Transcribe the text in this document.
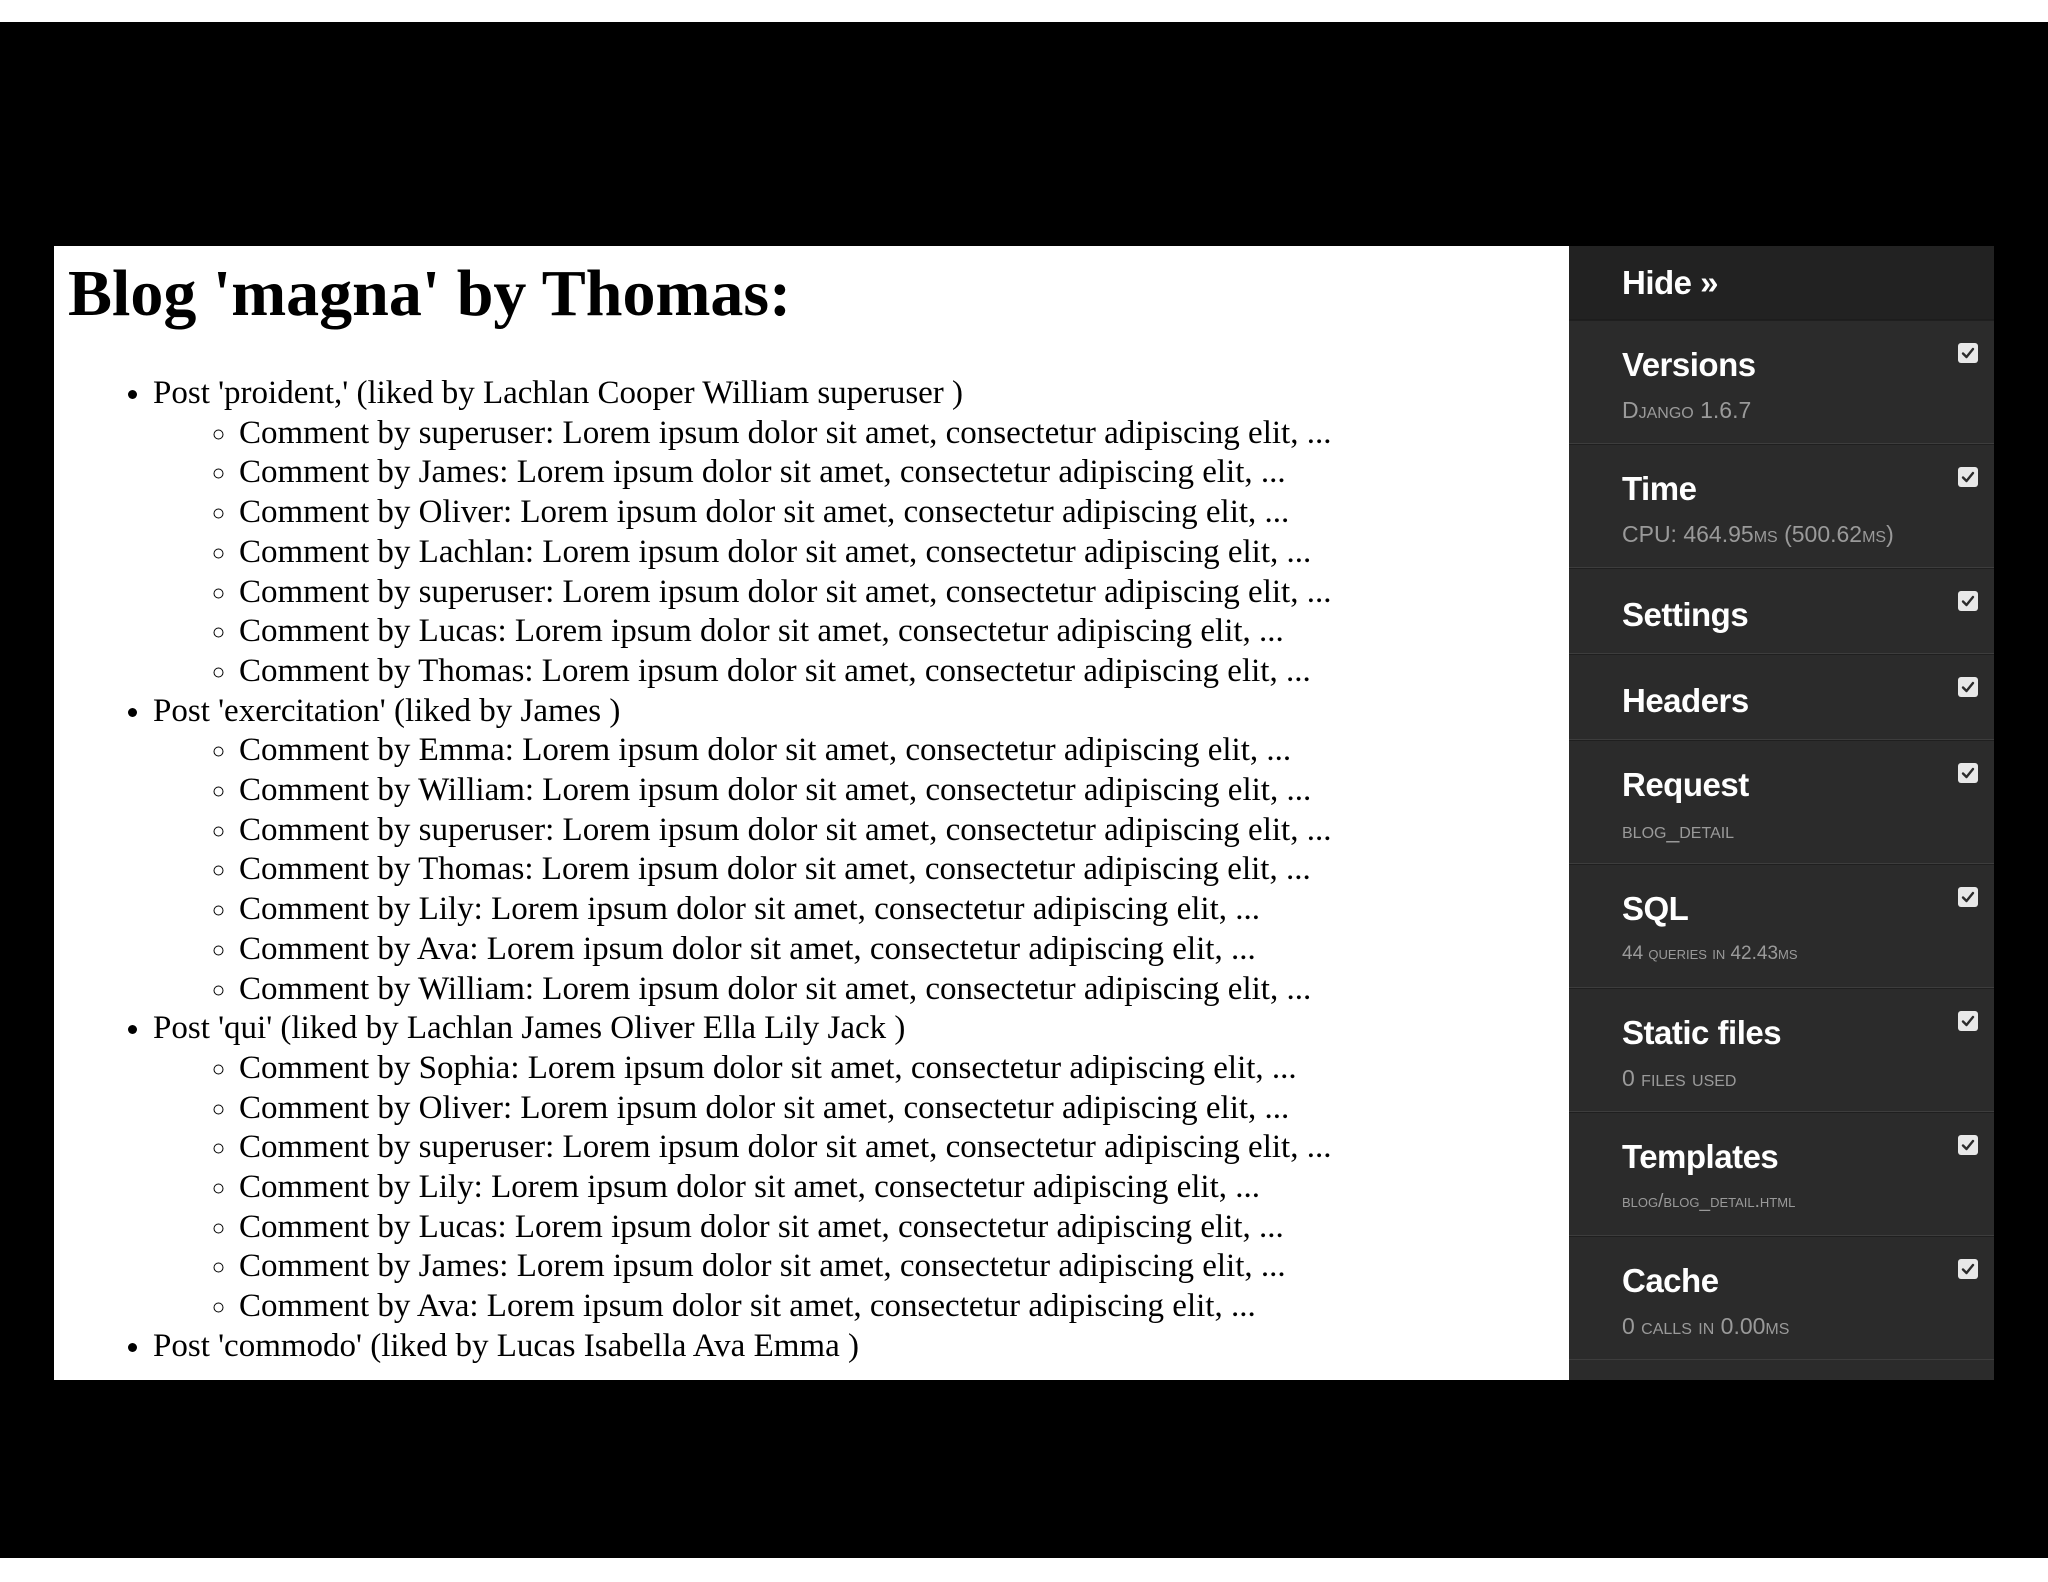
Blog 'magna' by Thomas:
• Post 'proident,' (liked by Lachlan Cooper William superuser )
◦ Comment by superuser: Lorem ipsum dolor sit amet, consectetur adipiscing elit, ...
◦ Comment by James: Lorem ipsum dolor sit amet, consectetur adipiscing elit, ...
◦ Comment by Oliver: Lorem ipsum dolor sit amet, consectetur adipiscing elit, ...
◦ Comment by Lachlan: Lorem ipsum dolor sit amet, consectetur adipiscing elit, ...
◦ Comment by superuser: Lorem ipsum dolor sit amet, consectetur adipiscing elit, ...
◦ Comment by Lucas: Lorem ipsum dolor sit amet, consectetur adipiscing elit, ...
◦ Comment by Thomas: Lorem ipsum dolor sit amet, consectetur adipiscing elit, ...
• Post 'exercitation' (liked by James )
◦ Comment by Emma: Lorem ipsum dolor sit amet, consectetur adipiscing elit, ...
◦ Comment by William: Lorem ipsum dolor sit amet, consectetur adipiscing elit, ...
◦ Comment by superuser: Lorem ipsum dolor sit amet, consectetur adipiscing elit, ...
◦ Comment by Thomas: Lorem ipsum dolor sit amet, consectetur adipiscing elit, ...
◦ Comment by Lily: Lorem ipsum dolor sit amet, consectetur adipiscing elit, ...
◦ Comment by Ava: Lorem ipsum dolor sit amet, consectetur adipiscing elit, ...
◦ Comment by William: Lorem ipsum dolor sit amet, consectetur adipiscing elit, ...
• Post 'qui' (liked by Lachlan James Oliver Ella Lily Jack )
◦ Comment by Sophia: Lorem ipsum dolor sit amet, consectetur adipiscing elit, ...
◦ Comment by Oliver: Lorem ipsum dolor sit amet, consectetur adipiscing elit, ...
◦ Comment by superuser: Lorem ipsum dolor sit amet, consectetur adipiscing elit, ...
◦ Comment by Lily: Lorem ipsum dolor sit amet, consectetur adipiscing elit, ...
◦ Comment by Lucas: Lorem ipsum dolor sit amet, consectetur adipiscing elit, ...
◦ Comment by James: Lorem ipsum dolor sit amet, consectetur adipiscing elit, ...
◦ Comment by Ava: Lorem ipsum dolor sit amet, consectetur adipiscing elit, ...
• Post 'commodo' (liked by Lucas Isabella Ava Emma )
Hide »
Versions
Django 1.6.7
Time
CPU: 464.95ms (500.62ms)
Settings
Headers
Request
blog_detail
SQL
44 queries in 42.43ms
Static files
0 files used
Templates
blog/blog_detail.html
Cache
0 calls in 0.00ms
